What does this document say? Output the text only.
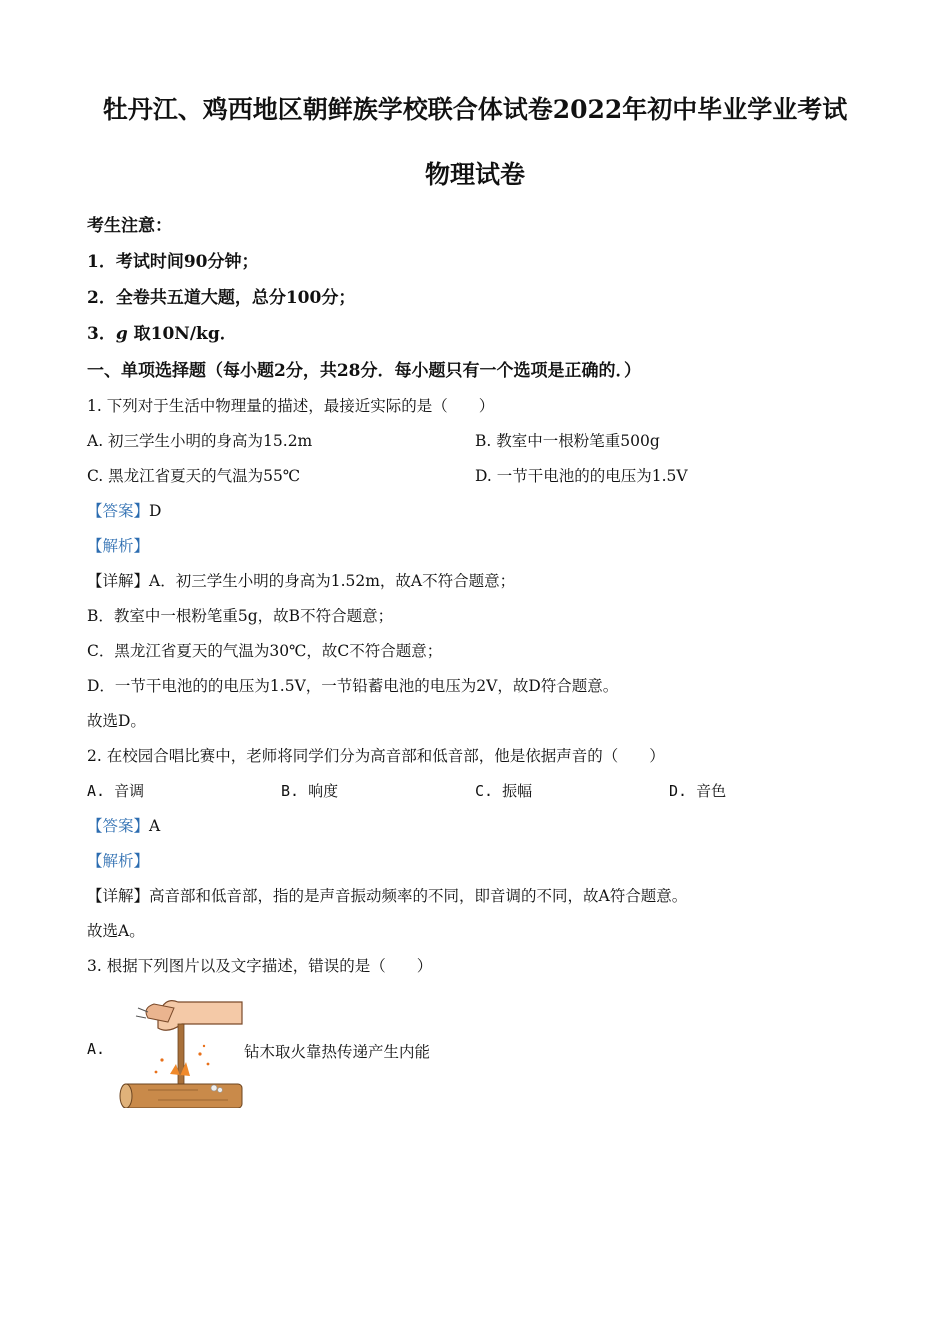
牡丹江、鸡西地区朝鲜族学校联合体试卷2022年初中毕业学业考试
物理试卷
考生注意：
1．考试时间90分钟；
2．全卷共五道大题，总分100分；
3．g 取10N/kg．
一、单项选择题（每小题2分，共28分．每小题只有一个选项是正确的．）
1. 下列对于生活中物理量的描述，最接近实际的是（　　）
A. 初三学生小明的身高为15.2m	B. 教室中一根粉笔重500g
C. 黑龙江省夏天的气温为55℃	D. 一节干电池的的电压为1.5V
【答案】D
【解析】
【详解】A．初三学生小明的身高为1.52m，故A不符合题意；
B．教室中一根粉笔重5g，故B不符合题意；
C．黑龙江省夏天的气温为30℃，故C不符合题意；
D．一节干电池的的电压为1.5V，一节铅蓄电池的电压为2V，故D符合题意。
故选D。
2. 在校园合唱比赛中，老师将同学们分为高音部和低音部，他是依据声音的（　　）
A. 音调	B. 响度	C. 振幅	D. 音色
【答案】A
【解析】
【详解】高音部和低音部，指的是声音振动频率的不同，即音调的不同，故A符合题意。
故选A。
3. 根据下列图片以及文字描述，错误的是（　　）
A.	钻木取火靠热传递产生内能
